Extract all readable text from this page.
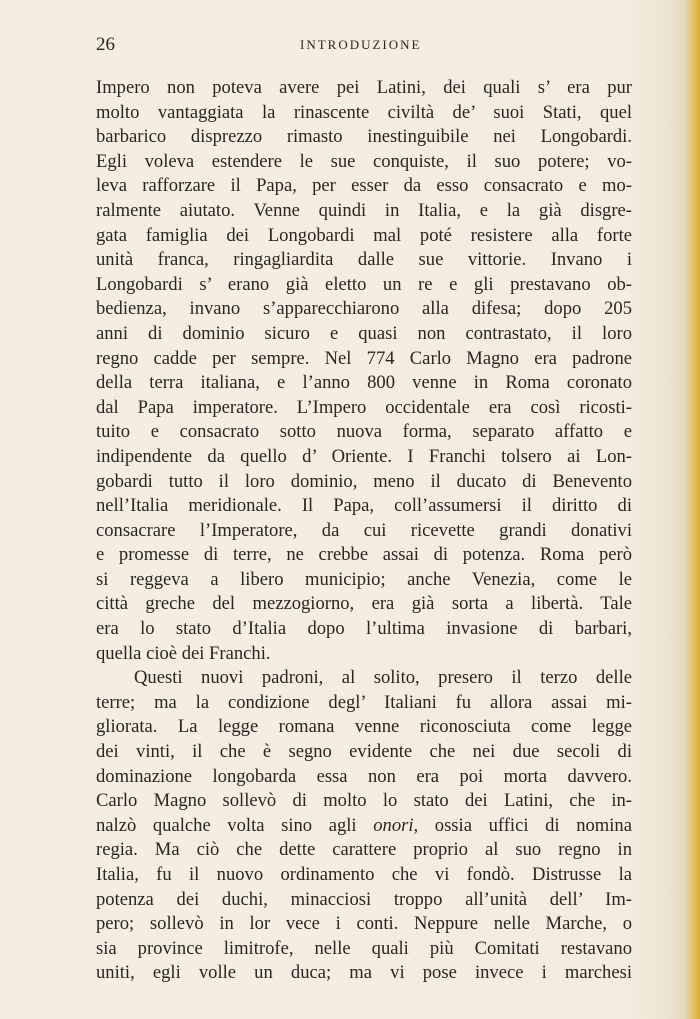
26	INTRODUZIONE
Impero non poteva avere pei Latini, dei quali s’ era pur
molto vantaggiata la rinascente civiltà de’ suoi Stati, quel
barbarico disprezzo rimasto inestinguibile nei Longobardi.
Egli voleva estendere le sue conquiste, il suo potere; vo-
leva rafforzare il Papa, per esser da esso consacrato e mo-
ralmente aiutato. Venne quindi in Italia, e la già disgre-
gata famiglia dei Longobardi mal poté resistere alla forte
unità franca, ringagliardita dalle sue vittorie. Invano i
Longobardi s’ erano già eletto un re e gli prestavano ob-
bedienza, invano s’apparecchiarono alla difesa; dopo 205
anni di dominio sicuro e quasi non contrastato, il loro
regno cadde per sempre. Nel 774 Carlo Magno era padrone
della terra italiana, e l’anno 800 venne in Roma coronato
dal Papa imperatore. L’Impero occidentale era così ricosti-
tuito e consacrato sotto nuova forma, separato affatto e
indipendente da quello d’ Oriente. I Franchi tolsero ai Lon-
gobardi tutto il loro dominio, meno il ducato di Benevento
nell’Italia meridionale. Il Papa, coll’assumersi il diritto di
consacrare l’Imperatore, da cui ricevette grandi donativi
e promesse di terre, ne crebbe assai di potenza. Roma però
si reggeva a libero municipio; anche Venezia, come le
città greche del mezzogiorno, era già sorta a libertà. Tale
era lo stato d’Italia dopo l’ultima invasione di barbari,
quella cioè dei Franchi.
Questi nuovi padroni, al solito, presero il terzo delle
terre; ma la condizione degl’ Italiani fu allora assai mi-
gliorata. La legge romana venne riconosciuta come legge
dei vinti, il che è segno evidente che nei due secoli di
dominazione longobarda essa non era poi morta davvero.
Carlo Magno sollevò di molto lo stato dei Latini, che in-
nalzò qualche volta sino agli onori, ossia uffici di nomina
regia. Ma ciò che dette carattere proprio al suo regno in
Italia, fu il nuovo ordinamento che vi fondò. Distrusse la
potenza dei duchi, minacciosi troppo all’unità dell’ Im-
pero; sollevò in lor vece i conti. Neppure nelle Marche, o
sia province limitrofe, nelle quali più Comitati restavano
uniti, egli volle un duca; ma vi pose invece i marchesi
